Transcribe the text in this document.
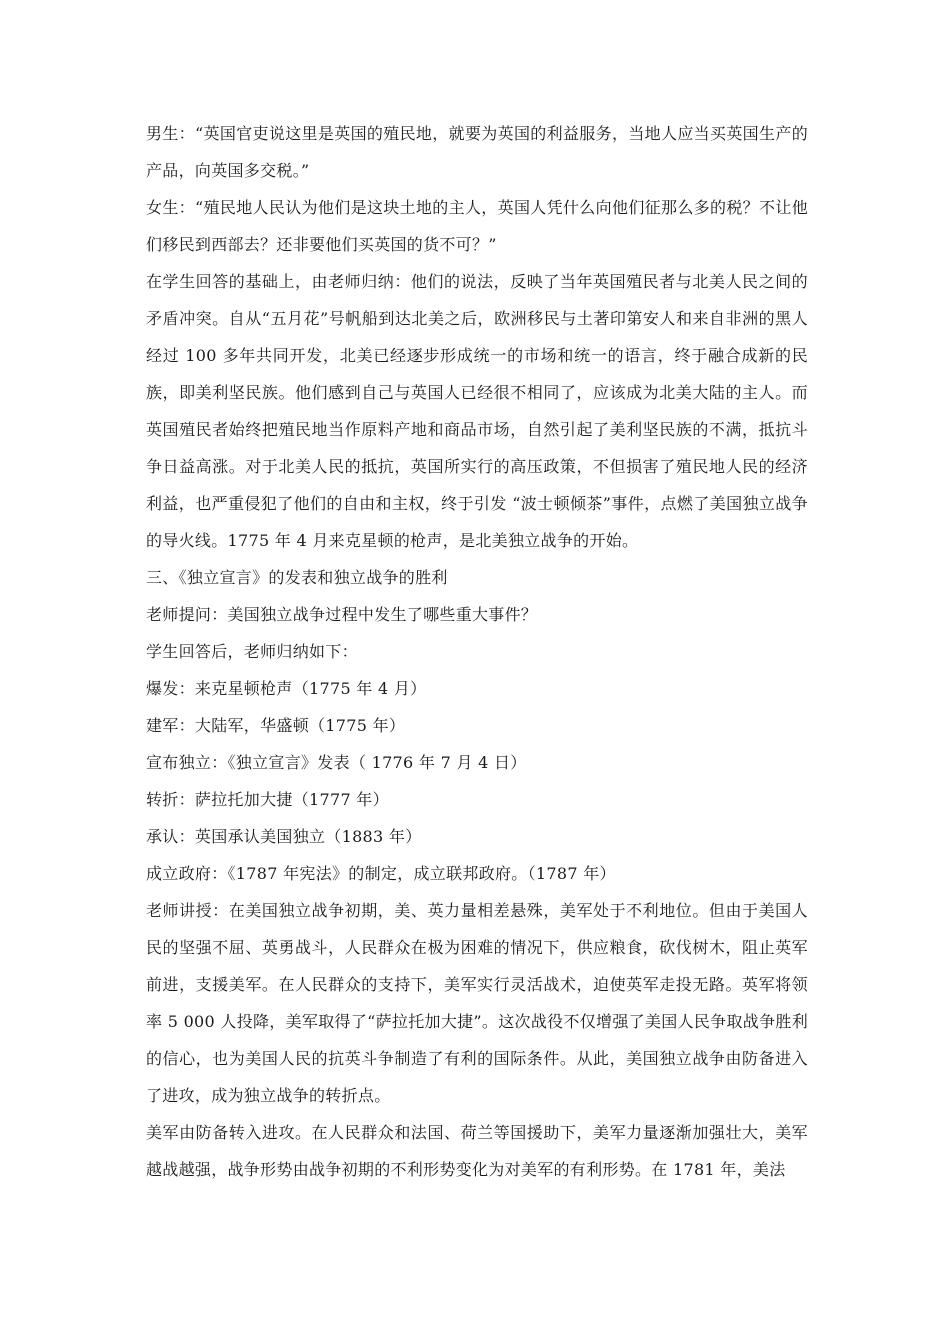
男生：“英国官吏说这里是英国的殖民地，就要为英国的利益服务，当地人应当买英国生产的产品，向英国多交税。”

女生：“殖民地人民认为他们是这块土地的主人，英国人凭什么向他们征那么多的税？不让他们移民到西部去？还非要他们买英国的货不可？”

在学生回答的基础上，由老师归纳：他们的说法，反映了当年英国殖民者与北美人民之间的矛盾冲突。自从“五月花”号帆船到达北美之后，欧洲移民与土著印第安人和来自非洲的黑人经过 100 多年共同开发，北美已经逐步形成统一的市场和统一的语言，终于融合成新的民族，即美利坚民族。他们感到自己与英国人已经很不相同了，应该成为北美大陆的主人。而英国殖民者始终把殖民地当作原料产地和商品市场，自然引起了美利坚民族的不满，抵抗斗争日益高涨。对于北美人民的抵抗，英国所实行的高压政策，不但损害了殖民地人民的经济利益，也严重侵犯了他们的自由和主权，终于引发 “波士顿倾茶”事件，点燃了美国独立战争的导火线。1775 年 4 月来克星顿的枪声，是北美独立战争的开始。

三、《独立宣言》的发表和独立战争的胜利

老师提问：美国独立战争过程中发生了哪些重大事件？

学生回答后，老师归纳如下：

爆发：来克星顿枪声（1775 年 4 月）

建军：大陆军，华盛顿（1775 年）

宣布独立：《独立宣言》发表（ 1776 年 7 月 4 日）

转折：萨拉托加大捷（1777 年）

承认：英国承认美国独立（1883 年）

成立政府：《1787 年宪法》的制定，成立联邦政府。（1787 年）

老师讲授：在美国独立战争初期，美、英力量相差悬殊，美军处于不利地位。但由于美国人民的坚强不屈、英勇战斗，人民群众在极为困难的情况下，供应粮食，砍伐树木，阻止英军前进，支援美军。在人民群众的支持下，美军实行灵活战术，迫使英军走投无路。英军将领率 5 000 人投降，美军取得了“萨拉托加大捷”。这次战役不仅增强了美国人民争取战争胜利的信心，也为美国人民的抗英斗争制造了有利的国际条件。从此，美国独立战争由防备进入了进攻，成为独立战争的转折点。

美军由防备转入进攻。在人民群众和法国、荷兰等国援助下，美军力量逐渐加强壮大，美军越战越强，战争形势由战争初期的不利形势变化为对美军的有利形势。在 1781 年，美法
